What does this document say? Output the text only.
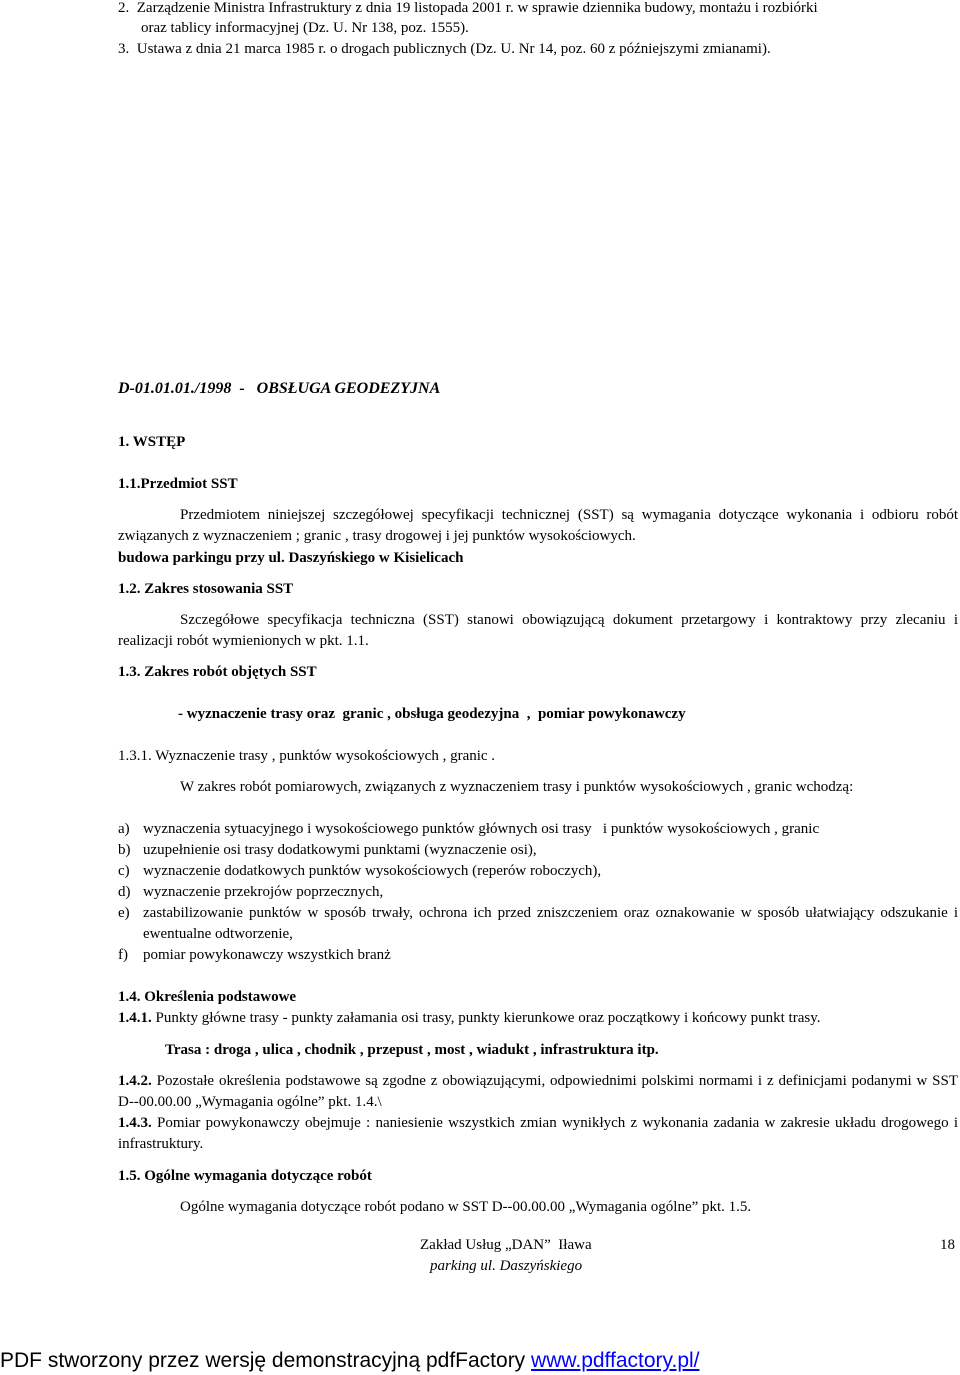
2. Zarządzenie Ministra Infrastruktury z dnia 19 listopada 2001 r. w sprawie dziennika budowy, montażu i rozbiórki
oraz tablicy informacyjnej (Dz. U. Nr 138, poz. 1555).
3. Ustawa z dnia 21 marca 1985 r. o drogach publicznych (Dz. U. Nr 14, poz. 60 z późniejszymi zmianami).
D-01.01.01./1998  -   OBSŁUGA GEODEZYJNA
1. WSTĘP
1.1.Przedmiot SST
Przedmiotem niniejszej szczegółowej specyfikacji technicznej (SST) są wymagania dotyczące wykonania i odbioru robót związanych z wyznaczeniem ; granic , trasy drogowej i jej punktów wysokościowych.
budowa parkingu przy ul. Daszyńskiego w Kisielicach
1.2. Zakres stosowania SST
Szczegółowe specyfikacja techniczna (SST) stanowi obowiązującą dokument przetargowy i kontraktowy przy zlecaniu i realizacji robót wymienionych w pkt. 1.1.
1.3. Zakres robót objętych SST
- wyznaczenie trasy oraz  granic , obsługa geodezyjna  ,  pomiar powykonawczy
1.3.1. Wyznaczenie trasy , punktów wysokościowych , granic .
W zakres robót pomiarowych, związanych z wyznaczeniem trasy i punktów wysokościowych , granic wchodzą:
a) wyznaczenia sytuacyjnego i wysokościowego punktów głównych osi trasy   i punktów wysokościowych , granic
b) uzupełnienie osi trasy dodatkowymi punktami (wyznaczenie osi),
c) wyznaczenie dodatkowych punktów wysokościowych (reperów roboczych),
d) wyznaczenie przekrojów poprzecznych,
e) zastabilizowanie punktów w sposób trwały, ochrona ich przed zniszczeniem oraz oznakowanie w sposób ułatwiający odszukanie i ewentualne odtworzenie,
f) pomiar powykonawczy wszystkich branż
1.4. Określenia podstawowe
1.4.1. Punkty główne trasy - punkty załamania osi trasy, punkty kierunkowe oraz początkowy i końcowy punkt trasy.
Trasa : droga , ulica , chodnik , przepust , most , wiadukt , infrastruktura itp.
1.4.2. Pozostałe określenia podstawowe są zgodne z obowiązującymi, odpowiednimi polskimi normami i z definicjami podanymi w SST D--00.00.00 „Wymagania ogólne” pkt. 1.4.\
1.4.3. Pomiar powykonawczy obejmuje : naniesienie wszystkich zmian wynikłych z wykonania zadania w zakresie układu drogowego i infrastruktury.
1.5. Ogólne wymagania dotyczące robót
Ogólne wymagania dotyczące robót podano w SST D--00.00.00 „Wymagania ogólne” pkt. 1.5.
Zakład Usług „DAN”  Iława
parking ul. Daszyńskiego
18
PDF stworzony przez wersję demonstracyjną pdfFactory www.pdffactory.pl/
